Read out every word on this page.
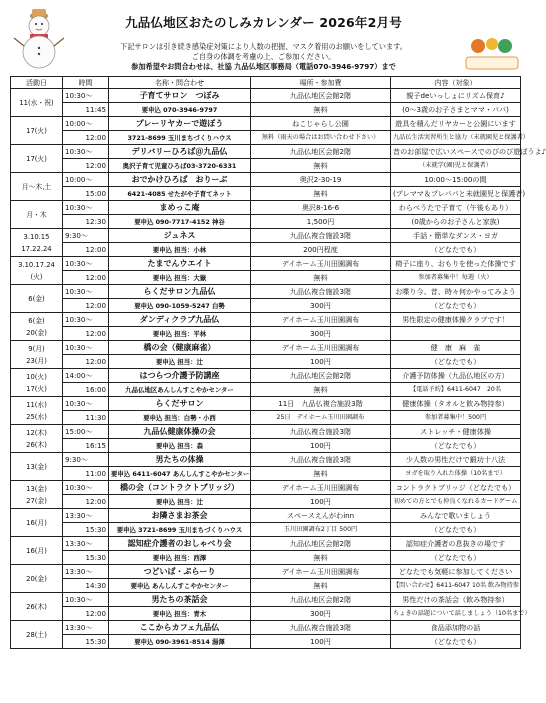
九品仏地区おたのしみカレンダー 2026年2月号
下記サロンは引き続き感染症対策により人数の把握、マスク着用のお願いをしています。
ご自身の体調を考慮の上、ご参加ください。
参加希望やお問合わせは、社協 九品仏地区事務局（電話070-3946-9797）まで
活動日	時間	名称・問合わせ	場所・参加費	内容（対象）

11(水・祝)	10:30〜	子育てサロン　つぼみ	九品仏地区会館2階	親子deいっしょにリズム保育♪
	11:45	要申込 070-3946-9797	無料	(0〜3歳のお子さまとママ・パパ)

17(火)	10:00〜	プレーリヤカーで遊ぼう	ねこじゃらし公園	遊具を積んだリヤカーと公園にいます
	12:00	3721-8699 玉川まちづくりハウス	無料（雨天の場合はお問い合わせ下さい）	九品仏生活実習所生と協力（未就園児と保護者）

17(火)	10:30〜	デリバリーひろば＠九品仏	九品仏地区会館2階	昔のお部屋で広いスペースでのびのび遊ぼうよ♪
	12:00	奥沢子育て児童ひろば03-3720-6331	無料	（未就学(園)児と保護者）

月〜木,土	10:00〜	おでかけひろば　おりーぶ	奥沢2-30-19	10:00〜15:00の間
	15:00	6421-4085 せたがや子育てネット	無料	(プレママ＆プレパパと未就園児と保護者)

月・木	10:30〜	まめっこ庵	奥沢8-16-6	わらべうたで子育て（午後もあり）
	12:30	要申込 090-7717-4152 神谷	1,500円	(0歳からのお子さんと家族)

3.10.15
17.22.24	9:30〜	ジュネス	九品仏複合施設3階	手話・簡単なダンス・ヨガ
	12:00	要申込 担当：小林	200円程度	（どなたでも）

3.10.17.24
(火)	10:30〜	たまでんウエイト	デイホーム玉川田園調布	椅子に座り、おもりを使った体操です
	12:00	要申込 担当：大嶽	無料	参加者募集中！毎週（火）

6(金)	10:30〜	らくだサロン九品仏	九品仏複合施設3階	お喋り今、昔、時々何かやってみよう
	12:00	要申込 090-1059-5247 白勢	300円	（どなたでも）

6(金)
20(金)	10:30〜	ダンディクラブ九品仏	デイホーム玉川田園調布	男性限定の健康体操クラブです！
	12:00	要申込 担当：平林	300円	

9(月)
23(月)	10:30〜	橋の会（健康麻雀）	デイホーム玉川田園調布	健　康　麻　雀
	12:00	要申込 担当：辻	100円	（どなたでも）

10(火)
17(火)	14:00〜	はつらつ介護予防講座	九品仏地区会館2階	介護予防体操（九品仏地区の方）
	16:00	九品仏地区あんしんすこやかセンター	無料	【電話予約】6411-6047　20名

11(水)
25(水)	10:30〜	らくだサロン	11日　九品仏複合施設3階	健康体操（タオルと飲み物持参）
	11:30	要申込 担当：白勢・小西	25日　デイホーム玉川田園調布	参加者募集中！500円

12(木)
26(木)	15:00〜	九品仏健康体操の会	九品仏複合施設3階	ストレッチ・健康体操
	16:15	要申込 担当：森	100円	（どなたでも）

13(金)	9:30〜	男たちの体操	九品仏複合施設3階	少人数の男性だけで鍛功十八法
	11:00	要申込 6411-6047 あんしんすこやかセンター	無料	ヨガを取り入れた体操（10名まで）

13(金)
27(金)	10:30〜	橋の会（コントラクトブリッジ）	デイホーム玉川田園調布	コントラクトブリッジ（どなたでも）
	12:00	要申込 担当：辻	100円	初めての方とでも仲良くなれるカードゲーム

16(月)	13:30〜	お隣さまお茶会	スペースえんがわinn	みんなで歌いましょう
	15:30	要申込 3721-8699 玉川まちづくりハウス	玉川田園調布2丁目 500円	（どなたでも）

16(月)	13:30〜	認知症介護者のおしゃべり会	九品仏地区会館2階	認知症介護者の息抜きの場です
	15:30	要申込 担当：西澤	無料	（どなたでも）

20(金)	13:30〜	つどいば・ぷらーり	デイホーム玉川田園調布	どなたでも気軽に参加してください
	14:30	要申込 あんしんすこやかセンター	無料	【問い合わせ】6411-6047 10名 飲み物持参

26(木)	10:30〜	男たちの茶話会	九品仏地区会館2階	男性だけの茶話会（飲み物持参）
	12:00	要申込 担当：青木	300円	ちょきの話題について話しましょう（10名まで）

28(土)	13:30〜	ここからカフェ九品仏	九品仏複合施設3階	食品添加物の話
	15:30	要申込 090-3961-8514 湯澤	100円	（どなたでも）
